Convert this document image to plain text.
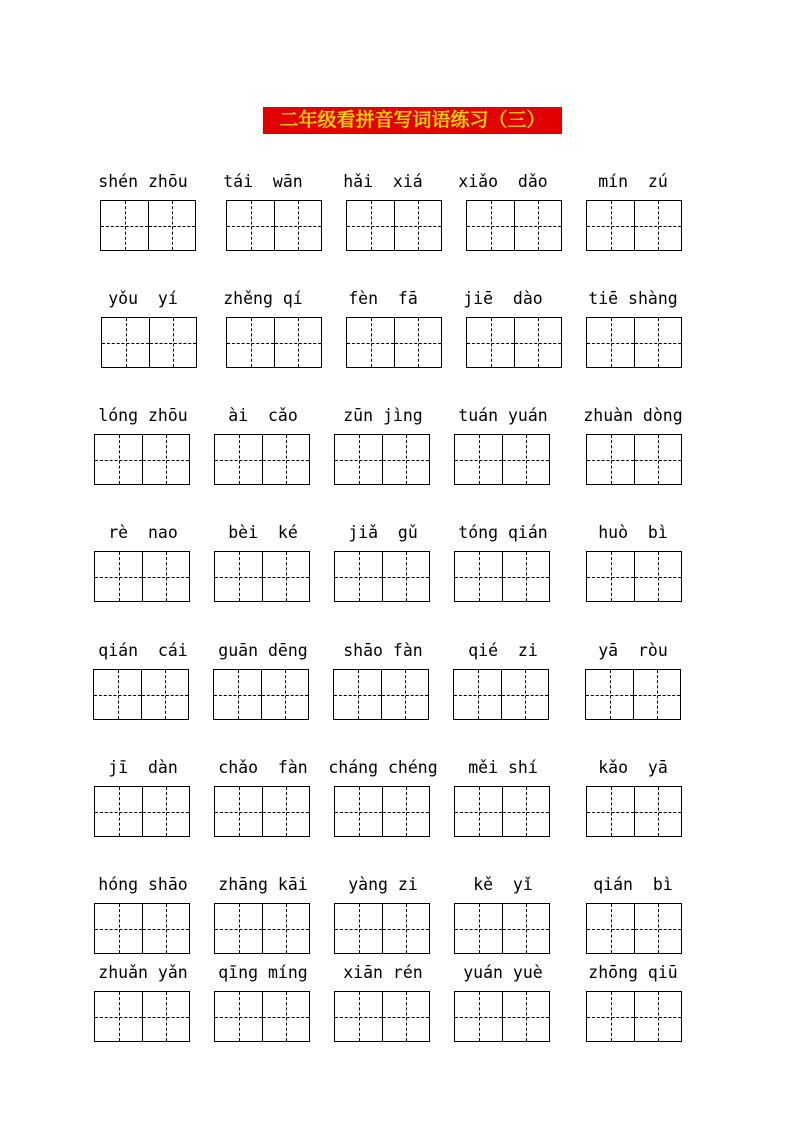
二年级看拼音写词语练习（三）
shén zhōu	tái  wān	hǎi  xiá	xiǎo  dǎo	mín  zú
yǒu  yí	zhěng qí	fèn  fā	jiē  dào	tiē shàng
lóng zhōu	ài  cǎo	zūn jìng	tuán yuán	zhuàn dòng
rè  nao	bèi  ké	jiǎ  gǔ	tóng qián	huò  bì
qián  cái	guān dēng	shāo fàn	qié  zi	yā  ròu
jī  dàn	chǎo  fàn	cháng chéng	měi shí	kǎo  yā
hóng shāo	zhāng kāi	yàng zi	kě  yǐ	qián  bì
zhuǎn yǎn	qīng míng	xiān rén	yuán yuè	zhōng qiū
